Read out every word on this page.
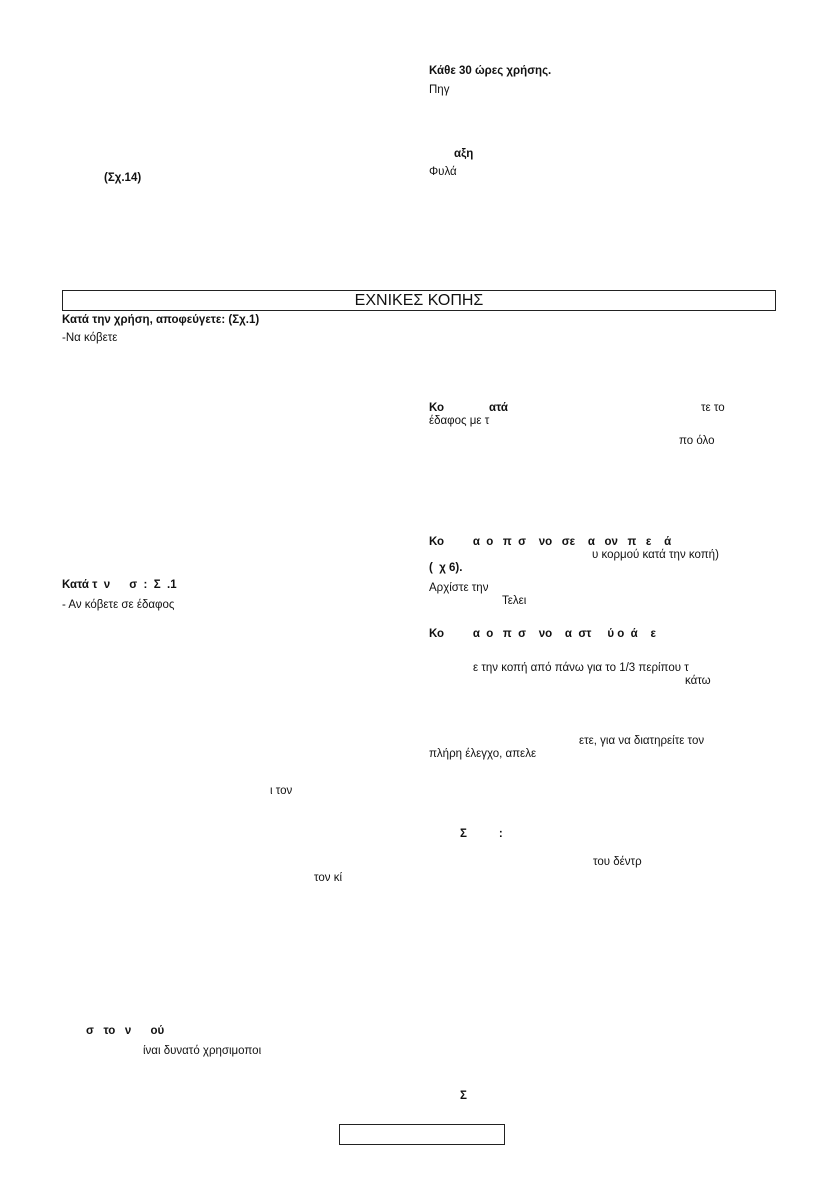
Κάθε 30 ώρες χρήσης.
Πηγ
αξη
Φυλά
(Σχ.14)
ΕΧΝΙΚΕΣ ΚΟΠΗΣ
Κατά την χρήση, αποφεύγετε: (Σχ.1)
-Να κόβετε
Κατά τ  ν      σ  :  Σ  .1
- Αν κόβετε σε έδαφος
ι τον
τον κί
σ   το   ν      ού
ίναι δυνατό χρησιμοποι
Κο	ατά	τε το
έδαφος με τ
πο όλο
Κο         α  ο   π  σ    νο   σε    α   ον   π   ε    ά
υ κορμού κατά την κοπή)
(  χ 6).
Αρχίστε την
Τελει
Κο         α  ο   π  σ    νο    α  στ     ύ ο  ά    ε
ε την κοπή από πάνω για το 1/3 περίπου τ
κάτω
ετε, για να διατηρείτε τον
πλήρη έλεγχο, απελε
Σ          :
του δέντρ
Σ
